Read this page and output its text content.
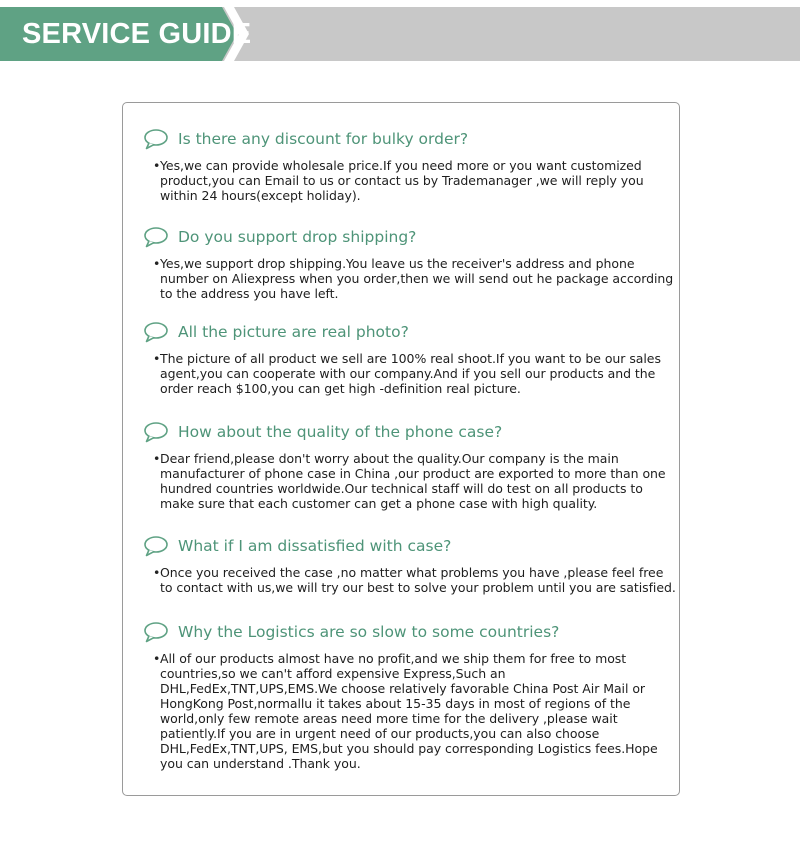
SERVICE GUIDE
Is there any discount for bulky order?
• Yes,we can provide wholesale price.If you need more or you want customized product,you can Email to us or contact us by Trademanager ,we will reply you within 24 hours(except holiday).
Do you support drop shipping?
• Yes,we support drop shipping.You leave us the receiver's address and phone number on Aliexpress when you order,then we will send out he package according to the address you have left.
All the picture are real photo?
• The picture of all product we sell are 100% real shoot.If you want to be our sales agent,you can cooperate with our company.And if you sell our products and the order reach $100,you can get high -definition real picture.
How about the quality of the phone case?
• Dear friend,please don't worry about the quality.Our company is the main manufacturer of phone case in China ,our product are exported to more than one hundred countries worldwide.Our technical staff will do test on all products to make sure that each customer can get a phone case with high quality.
What if I am dissatisfied with case?
• Once you received the case ,no matter what problems you have ,please feel free to contact with us,we will try our best to solve your problem until you are satisfied.
Why the Logistics are so slow to some countries?
• All of our products almost have no profit,and we ship them for free to most countries,so we can't afford expensive Express,Such an DHL,FedEx,TNT,UPS,EMS.We choose relatively favorable China Post Air Mail or HongKong Post,normallu it takes about 15-35 days in most of regions of the world,only few remote areas need more time for the delivery ,please wait patiently.If you are in urgent need of our products,you can also choose DHL,FedEx,TNT,UPS, EMS,but you should pay corresponding Logistics fees.Hope you can understand .Thank you.
